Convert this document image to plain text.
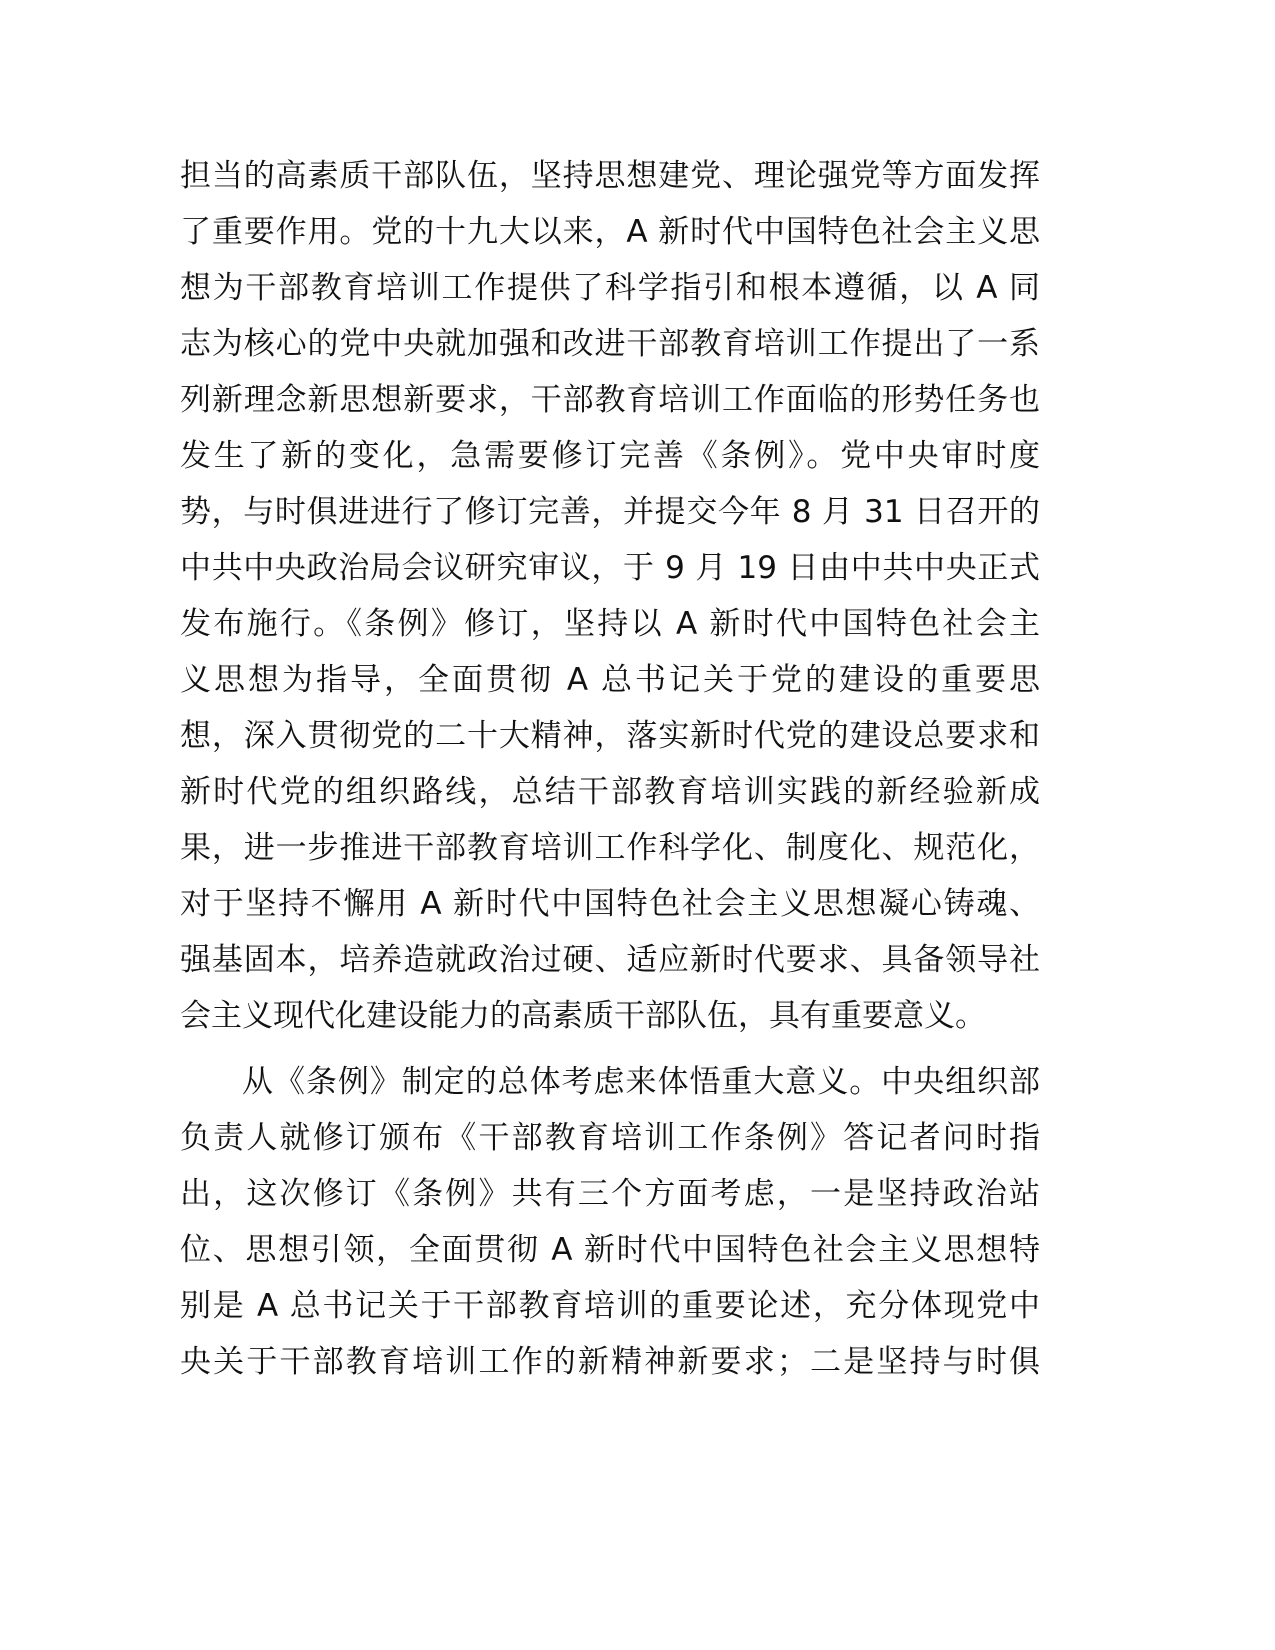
担当的高素质干部队伍，坚持思想建党、理论强党等方面发挥
了重要作用。党的十九大以来，A 新时代中国特色社会主义思
想为干部教育培训工作提供了科学指引和根本遵循，以 A 同
志为核心的党中央就加强和改进干部教育培训工作提出了一系
列新理念新思想新要求，干部教育培训工作面临的形势任务也
发生了新的变化，急需要修订完善《条例》。党中央审时度
势，与时俱进进行了修订完善，并提交今年 8 月 31 日召开的
中共中央政治局会议研究审议，于 9 月 19 日由中共中央正式
发布施行。《条例》修订，坚持以 A 新时代中国特色社会主
义思想为指导，全面贯彻 A 总书记关于党的建设的重要思
想，深入贯彻党的二十大精神，落实新时代党的建设总要求和
新时代党的组织路线，总结干部教育培训实践的新经验新成
果，进一步推进干部教育培训工作科学化、制度化、规范化，
对于坚持不懈用 A 新时代中国特色社会主义思想凝心铸魂、
强基固本，培养造就政治过硬、适应新时代要求、具备领导社
会主义现代化建设能力的高素质干部队伍，具有重要意义。
从《条例》制定的总体考虑来体悟重大意义。中央组织部
负责人就修订颁布《干部教育培训工作条例》答记者问时指
出，这次修订《条例》共有三个方面考虑，一是坚持政治站
位、思想引领，全面贯彻 A 新时代中国特色社会主义思想特
别是 A 总书记关于干部教育培训的重要论述，充分体现党中
央关于干部教育培训工作的新精神新要求；二是坚持与时俱
